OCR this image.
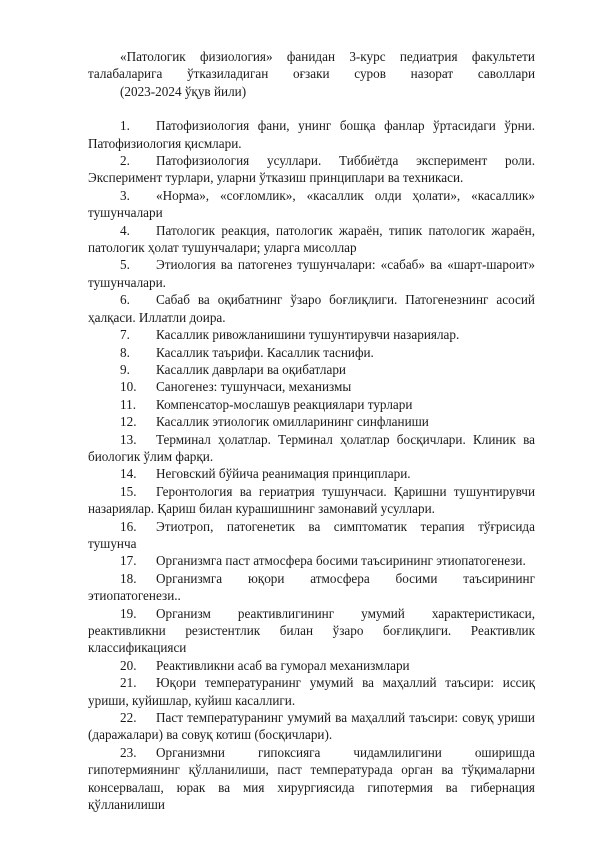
«Патологик физиология» фанидан 3-курс педиатрия факультети талабаларига ўтказиладиган оғзаки сурoв назорат саволлари
(2023-2024 ўқув йили)
1.	Патофизиология фани, унинг бошқа фанлар ўртасидаги ўрни. Патофизиология қисмлари.
2.	Патофизиология усуллари. Тиббиётда эксперимент роли. Эксперимент турлари, уларни ўтказиш принциплари ва техникаси.
3.	«Норма», «соғломлик», «касаллик олди ҳолати», «касаллик» тушунчалари
4.	Патологик реакция, патологик жараён, типик патологик жараён, патологик ҳолат тушунчалари; уларга мисоллар
5.	Этиология ва патогенез тушунчалари: «сабаб» ва «шарт-шароит» тушунчалари.
6.	Сабаб ва оқибатнинг ўзаро боғлиқлиги. Патогенезнинг асосий ҳалқаси. Иллатли доира.
7.	Касаллик ривожланишини тушунтирувчи назариялар.
8.	Касаллик таърифи. Касаллик таснифи.
9.	Касаллик даврлари ва оқибатлари
10.	Саногенез: тушунчаси, механизмы
11.	Компенсатор-мослашув реакциялари турлари
12.	Касаллик этиологик омилларининг синфланиши
13.	Терминал ҳолатлар. Терминал ҳолатлар босқичлари. Клиник ва биологик ўлим фарқи.
14.	Неговский бўйича реанимация принциплари.
15.	Геронтология ва гериатрия тушунчаси. Қаришни тушунтирувчи назариялар. Қариш билан курашишнинг замонавий усуллари.
16.	Этиотроп, патогенетик ва симптоматик терапия тўғрисида тушунча
17.	Организмга паст атмосфера босими таъсирининг этиопатогенези.
18.	Организмга юқори атмосфера босими таъсирининг этиопатогенези..
19.	Организм реактивлигининг умумий характеристикаси, реактивликни резистентлик билан ўзаро боғлиқлиги. Реактивлик классификацияси
20.	Реактивликни асаб ва гуморал механизмлари
21.	Юқори температуранинг умумий ва маҳаллий таъсири: иссиқ уриши, куйишлар, куйиш касаллиги.
22.	Паст температуранинг умумий ва маҳаллий таъсири: совуқ уриши (даражалари) ва совуқ котиш (босқичлари).
23.	Организмни гипоксияга чидамлилигини оширишда гипотермиянинг қўлланилиши, паст температурада орган ва тўқималарни консервалаш, юрак ва мия хирургиясида гипотермия ва гибернация қўлланилиши
